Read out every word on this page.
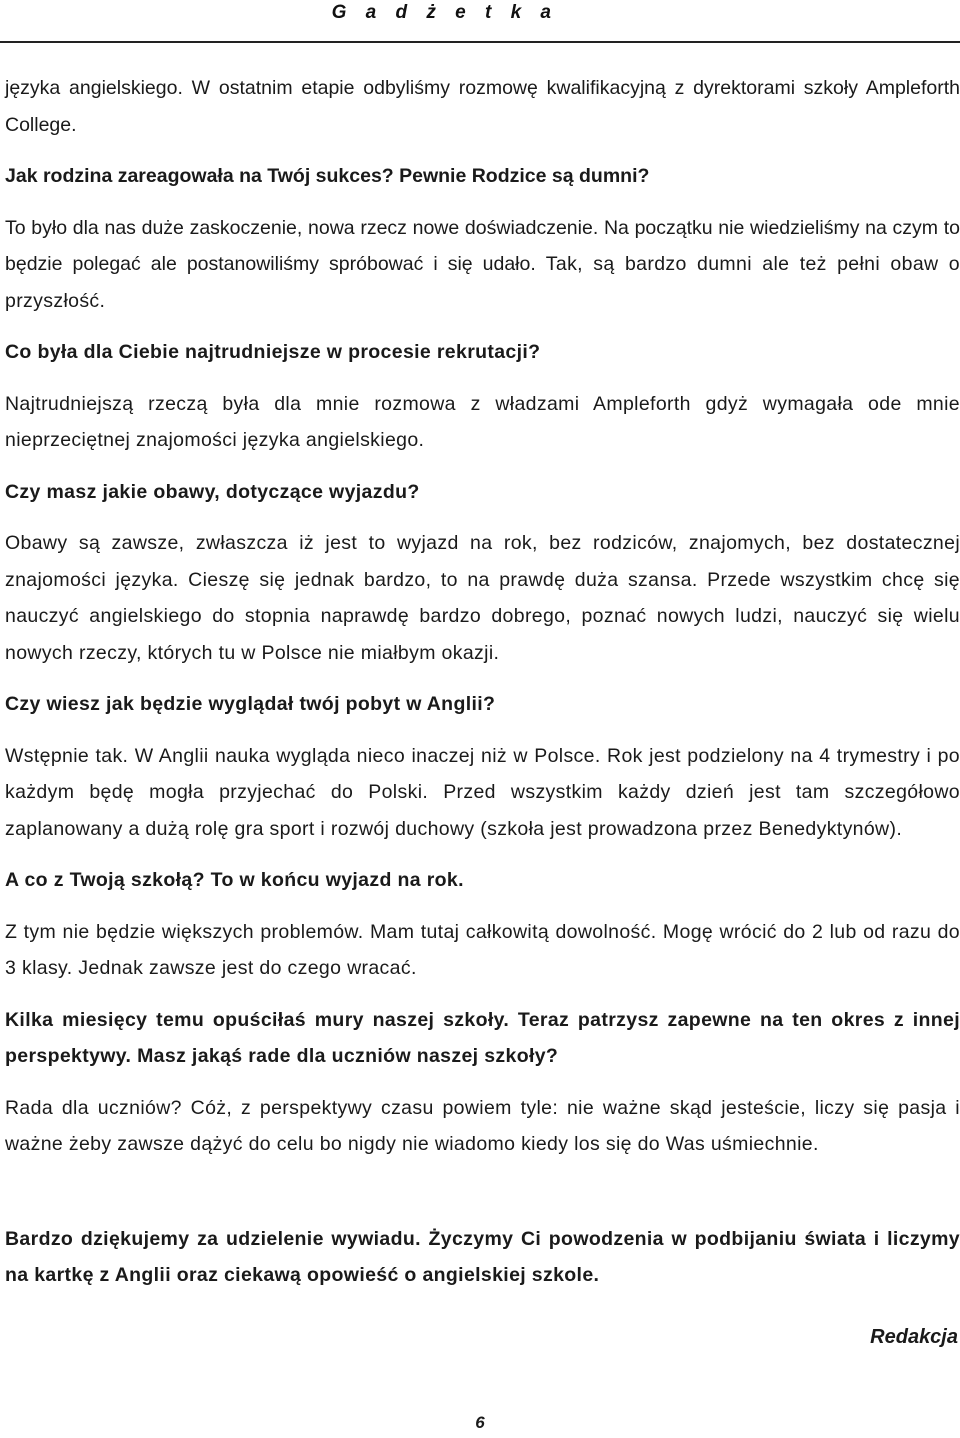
G a d ż e t k a

języka angielskiego. W ostatnim etapie odbyliśmy rozmowę kwalifikacyjną z dyrektorami szkoły Ampleforth College.

Jak rodzina zareagowała na Twój sukces? Pewnie Rodzice są dumni?

To było dla nas duże zaskoczenie, nowa rzecz nowe doświadczenie. Na początku nie wiedzieliśmy na czym to będzie polegać ale postanowiliśmy spróbować i się udało. Tak, są bardzo dumni ale też pełni obaw o przyszłość.

Co była dla Ciebie najtrudniejsze w procesie rekrutacji?

Najtrudniejszą rzeczą była dla mnie rozmowa z władzami Ampleforth gdyż wymagała ode mnie nieprzeciętnej znajomości języka angielskiego.

Czy masz jakie obawy, dotyczące wyjazdu?

Obawy są zawsze, zwłaszcza iż jest to wyjazd na rok, bez rodziców, znajomych, bez dostatecznej znajomości języka. Cieszę się jednak bardzo, to na prawdę duża szansa. Przede wszystkim chcę się nauczyć angielskiego do stopnia naprawdę bardzo dobrego, poznać nowych ludzi, nauczyć się wielu nowych rzeczy, których tu w Polsce nie miałbym okazji.

Czy wiesz jak będzie wyglądał twój pobyt w Anglii?

Wstępnie tak. W Anglii nauka wygląda nieco inaczej niż w Polsce. Rok jest podzielony na 4 trymestry i po każdym będę mogła przyjechać do Polski. Przed wszystkim każdy dzień jest tam szczegółowo zaplanowany a dużą rolę gra sport i rozwój duchowy (szkoła jest prowadzona przez Benedyktynów).

A co z Twoją szkołą? To w końcu wyjazd na rok.

Z tym nie będzie większych problemów. Mam tutaj całkowitą dowolność. Mogę wrócić do 2 lub od razu do 3 klasy. Jednak zawsze jest do czego wracać.

Kilka miesięcy temu opuściłaś mury naszej szkoły. Teraz patrzysz zapewne na ten okres z innej perspektywy. Masz jakąś rade dla uczniów naszej szkoły?

Rada dla uczniów? Cóż, z perspektywy czasu powiem tyle: nie ważne skąd jesteście, liczy się pasja i ważne żeby zawsze dążyć do celu bo nigdy nie wiadomo kiedy los się do Was uśmiechnie.

Bardzo dziękujemy za udzielenie wywiadu. Życzymy Ci powodzenia w podbijaniu świata i liczymy na kartkę z Anglii oraz ciekawą opowieść o angielskiej szkole.

Redakcja
6
